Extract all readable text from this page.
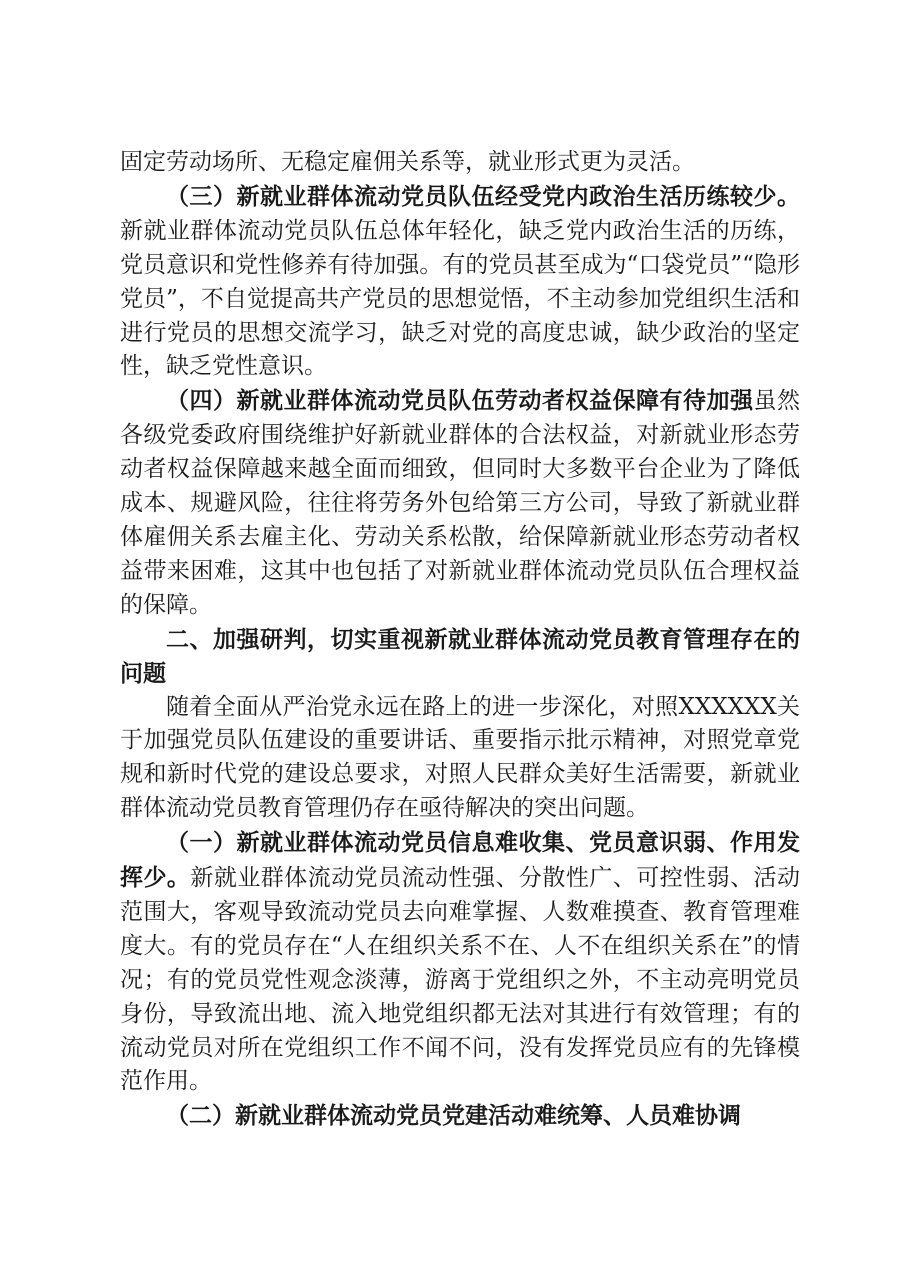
固定劳动场所、无稳定雇佣关系等，就业形式更为灵活。

（三）新就业群体流动党员队伍经受党内政治生活历练较少。新就业群体流动党员队伍总体年轻化，缺乏党内政治生活的历练，党员意识和党性修养有待加强。有的党员甚至成为“口袋党员”“隐形党员”，不自觉提高共产党员的思想觉悟，不主动参加党组织生活和进行党员的思想交流学习，缺乏对党的高度忠诚，缺少政治的坚定性，缺乏党性意识。

（四）新就业群体流动党员队伍劳动者权益保障有待加强虽然各级党委政府围绕维护好新就业群体的合法权益，对新就业形态劳动者权益保障越来越全面而细致，但同时大多数平台企业为了降低成本、规避风险，往往将劳务外包给第三方公司，导致了新就业群体雇佣关系去雇主化、劳动关系松散，给保障新就业形态劳动者权益带来困难，这其中也包括了对新就业群体流动党员队伍合理权益的保障。

二、加强研判，切实重视新就业群体流动党员教育管理存在的问题

随着全面从严治党永远在路上的进一步深化，对照XXXXXX关于加强党员队伍建设的重要讲话、重要指示批示精神，对照党章党规和新时代党的建设总要求，对照人民群众美好生活需要，新就业群体流动党员教育管理仍存在亟待解决的突出问题。

（一）新就业群体流动党员信息难收集、党员意识弱、作用发挥少。新就业群体流动党员流动性强、分散性广、可控性弱、活动范围大，客观导致流动党员去向难掌握、人数难摸查、教育管理难度大。有的党员存在“人在组织关系不在、人不在组织关系在”的情况；有的党员党性观念淡薄，游离于党组织之外，不主动亮明党员身份，导致流出地、流入地党组织都无法对其进行有效管理；有的流动党员对所在党组织工作不闻不问，没有发挥党员应有的先锋模范作用。

（二）新就业群体流动党员党建活动难统筹、人员难协调
